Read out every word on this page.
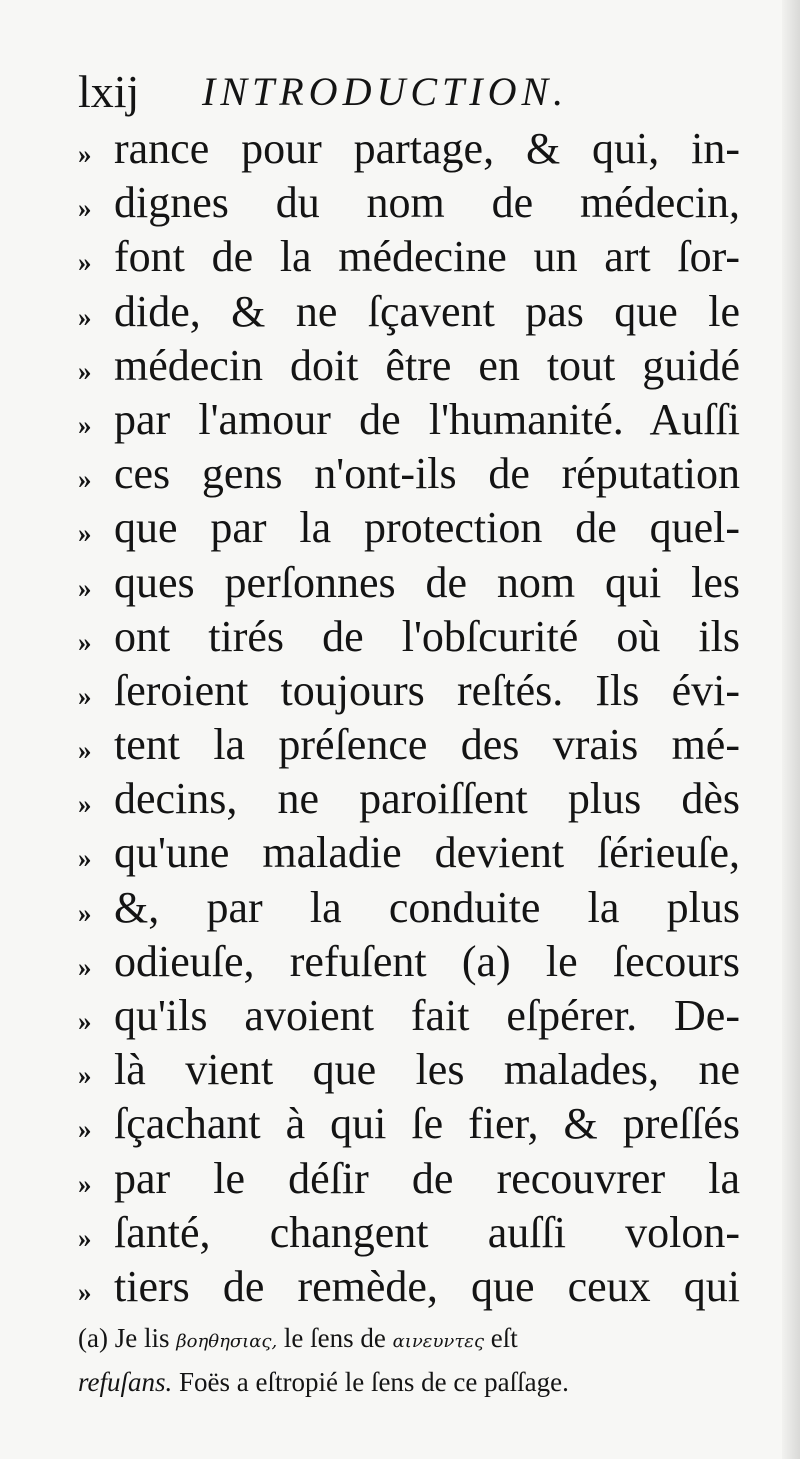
lxij INTRODUCTION.
» rance pour partage, & qui, in-
» dignes du nom de médecin,
» font de la médecine un art ſor-
» dide, & ne ſçavent pas que le
» médecin doit être en tout guidé
» par l'amour de l'humanité. Auſſi
» ces gens n'ont-ils de réputation
» que par la protection de quel-
» ques perſonnes de nom qui les
» ont tirés de l'obſcurité où ils
» ſeroient toujours reſtés. Ils évi-
» tent la préſence des vrais mé-
» decins, ne paroiſſent plus dès
» qu'une maladie devient ſérieuſe,
» &, par la conduite la plus
» odieuſe, refuſent (a) le ſecours
» qu'ils avoient fait eſpérer. De-
» là vient que les malades, ne
» ſçachant à qui ſe fier, & preſſés
» par le déſir de recouvrer la
» ſanté, changent auſſi volon-
» tiers de remède, que ceux qui
(a) Je lis βοηθησιας, le ſens de αινευντες eſt
refuſans. Foës a eſtropié le ſens de ce paſſage.
